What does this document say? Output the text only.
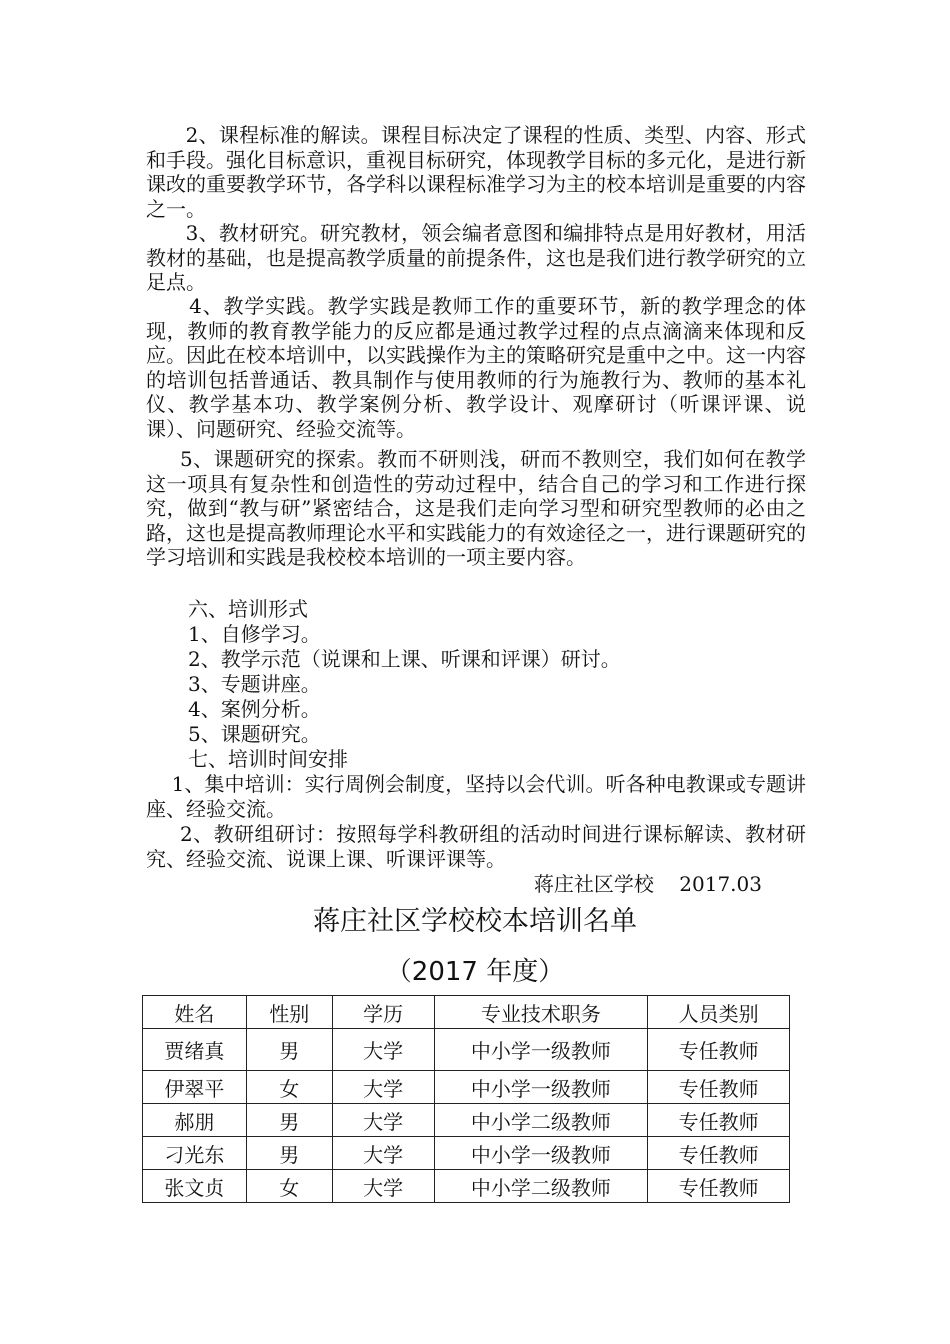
2、课程标准的解读。课程目标决定了课程的性质、类型、内容、形式和手段。强化目标意识，重视目标研究，体现教学目标的多元化，是进行新课改的重要教学环节，各学科以课程标准学习为主的校本培训是重要的内容之一。
3、教材研究。研究教材，领会编者意图和编排特点是用好教材，用活教材的基础，也是提高教学质量的前提条件，这也是我们进行教学研究的立足点。
4、教学实践。教学实践是教师工作的重要环节，新的教学理念的体现，教师的教育教学能力的反应都是通过教学过程的点点滴滴来体现和反应。因此在校本培训中，以实践操作为主的策略研究是重中之中。这一内容的培训包括普通话、教具制作与使用教师的行为施教行为、教师的基本礼仪、教学基本功、教学案例分析、教学设计、观摩研讨（听课评课、说课）、问题研究、经验交流等。
5、课题研究的探索。教而不研则浅，研而不教则空，我们如何在教学这一项具有复杂性和创造性的劳动过程中，结合自己的学习和工作进行探究，做到“教与研”紧密结合，这是我们走向学习型和研究型教师的必由之路，这也是提高教师理论水平和实践能力的有效途径之一，进行课题研究的学习培训和实践是我校校本培训的一项主要内容。
六、培训形式
1、自修学习。
2、教学示范（说课和上课、听课和评课）研讨。
3、专题讲座。
4、案例分析。
5、课题研究。
七、培训时间安排
1、集中培训：实行周例会制度，坚持以会代训。听各种电教课或专题讲座、经验交流。
2、教研组研讨：按照每学科教研组的活动时间进行课标解读、教材研究、经验交流、说课上课、听课评课等。
蒋庄社区学校    2017.03
蒋庄社区学校校本培训名单
（2017 年度）
姓名	性别	学历	专业技术职务	人员类别
贾绪真	男	大学	中小学一级教师	专任教师
伊翠平	女	大学	中小学一级教师	专任教师
郝朋	男	大学	中小学二级教师	专任教师
刁光东	男	大学	中小学一级教师	专任教师
张文贞	女	大学	中小学二级教师	专任教师
